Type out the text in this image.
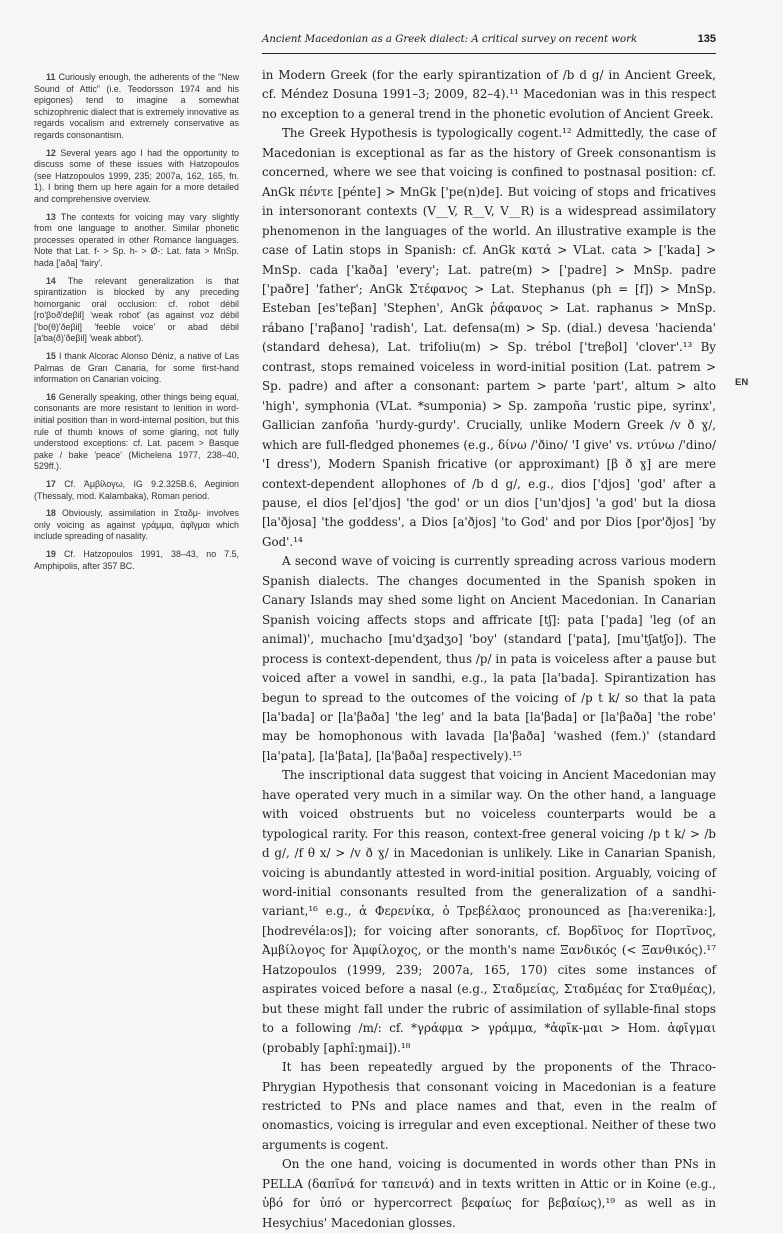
Ancient Macedonian as a Greek dialect: A critical survey on recent work	135

11 Curiously enough, the adherents of the “New Sound of Attic” (i.e. Teodorsson 1974 and his epigones) tend to imagine a somewhat schizophrenic dialect that is extremely innovative as regards vocalism and extremely conservative as regards consonantism.

12 Several years ago I had the opportunity to discuss some of these issues with Hatzopoulos (see Hatzopoulos 1999, 235; 2007a, 162, 165, fn. 1). I bring them up here again for a more detailed and comprehensive overview.

13 The contexts for voicing may vary slightly from one language to another. Similar phonetic processes operated in other Romance languages. Note that Lat. f- > Sp. h- > Ø-: Lat. fata > MnSp. hada ['aða] 'fairy'.

14 The relevant generalization is that spirantization is blocked by any preceding homorganic oral occlusion: cf. robot débil [ro'βoð'deβil] 'weak robot' (as against voz débil ['bo(θ)'ðeβil] 'feeble voice' or abad débil [a'ba(ð)'ðeβil] 'weak abbot').

15 I thank Alcorac Alonso Déniz, a native of Las Palmas de Gran Canaria, for some first-hand information on Canarian voicing.

16 Generally speaking, other things being equal, consonants are more resistant to lenition in word-initial position than in word-internal position, but this rule of thumb knows of some glaring, not fully understood exceptions: cf. Lat. pacem > Basque pake / bake 'peace' (Michelena 1977, 238–40, 529ff.).

17 Cf. Ἀμβίλογω, IG 9.2.325B.6, Aeginion (Thessaly, mod. Kalambaka), Roman period.

18 Obviously, assimilation in Σταδμ- involves only voicing as against γράμμα, ἀφῖγμαι which include spreading of nasality.

19 Cf. Hatzopoulos 1991, 38–43, no 7.5, Amphipolis, after 357 BC.

in Modern Greek (for the early spirantization of /b d g/ in Ancient Greek, cf. Méndez Dosuna 1991–3; 2009, 82–4).¹¹ Macedonian was in this respect no exception to a general trend in the phonetic evolution of Ancient Greek.

The Greek Hypothesis is typologically cogent.¹² Admittedly, the case of Macedonian is exceptional as far as the history of Greek consonantism is concerned, where we see that voicing is confined to postnasal position: cf. AnGk πέντε [pénte] > MnGk ['pe(n)de]. But voicing of stops and fricatives in intersonorant contexts (V__V, R__V, V__R) is a widespread assimilatory phenomenon in the languages of the world. An illustrative example is the case of Latin stops in Spanish: cf. AnGk κατά > VLat. cata > ['kada] > MnSp. cada ['kaða] 'every'; Lat. patre(m) > ['padre] > MnSp. padre ['paðre] 'father'; AnGk Στέφανος > Lat. Stephanus (ph = [f]) > MnSp. Esteban [es'teβan] 'Stephen', AnGk ῥάφανος > Lat. raphanus > MnSp. rábano ['raβano] 'radish', Lat. defensa(m) > Sp. (dial.) devesa 'hacienda' (standard dehesa), Lat. trifoliu(m) > Sp. trébol ['treβol] 'clover'.¹³ By contrast, stops remained voiceless in word-initial position (Lat. patrem > Sp. padre) and after a consonant: partem > parte 'part', altum > alto 'high', symphonia (VLat. *sumponia) > Sp. zampoña 'rustic pipe, syrinx', Gallician zanfoña 'hurdy-gurdy'. Crucially, unlike Modern Greek /v ð ɣ/, which are full-fledged phonemes (e.g., δίνω /'ðino/ 'I give' vs. ντύνω /'dino/ 'I dress'), Modern Spanish fricative (or approximant) [β ð ɣ] are mere context-dependent allophones of /b d g/, e.g., dios ['djos] 'god' after a pause, el dios [el'djos] 'the god' or un dios ['un'djos] 'a god' but la diosa [la'ðjosa] 'the goddess', a Dios [a'ðjos] 'to God' and por Dios [por'ðjos] 'by God'.¹⁴

A second wave of voicing is currently spreading across various modern Spanish dialects. The changes documented in the Spanish spoken in Canary Islands may shed some light on Ancient Macedonian. In Canarian Spanish voicing affects stops and affricate [tʃ]: pata ['pada] 'leg (of an animal)', muchacho [mu'dʒadʒo] 'boy' (standard ['pata], [mu'tʃatʃo]). The process is context-dependent, thus /p/ in pata is voiceless after a pause but voiced after a vowel in sandhi, e.g., la pata [la'bada]. Spirantization has begun to spread to the outcomes of the voicing of /p t k/ so that la pata [la'bada] or [la'βaða] 'the leg' and la bata [la'βada] or [la'βaða] 'the robe' may be homophonous with lavada [la'βaða] 'washed (fem.)' (standard [la'pata], [la'βata], [la'βaða] respectively).¹⁵

The inscriptional data suggest that voicing in Ancient Macedonian may have operated very much in a similar way. On the other hand, a language with voiced obstruents but no voiceless counterparts would be a typological rarity. For this reason, context-free general voicing /p t k/ > /b d g/, /f θ x/ > /v ð ɣ/ in Macedonian is unlikely. Like in Canarian Spanish, voicing is abundantly attested in word-initial position. Arguably, voicing of word-initial consonants resulted from the generalization of a sandhi-variant,¹⁶ e.g., ἁ Φερενίκα, ὁ Τρεβέλαος pronounced as [ha:verenika:], [hodrevéla:os]); for voicing after sonorants, cf. Βορδῖνος for Πορτῖνος, Ἀμβίλογος for Ἀμφίλοχος, or the month's name Ξανδικός (< Ξανθικός).¹⁷ Hatzopoulos (1999, 239; 2007a, 165, 170) cites some instances of aspirates voiced before a nasal (e.g., Σταδμείας, Σταδμέας for Σταθμέας), but these might fall under the rubric of assimilation of syllable-final stops to a following /m/: cf. *γράφμα > γράμμα, *ἀφῖκ-μαι > Hom. ἀφῖγμαι (probably [aphî:ŋmai]).¹⁸

It has been repeatedly argued by the proponents of the Thraco-Phrygian Hypothesis that consonant voicing in Macedonian is a feature restricted to PNs and place names and that, even in the realm of onomastics, voicing is irregular and even exceptional. Neither of these two arguments is cogent.

On the one hand, voicing is documented in words other than PNs in PELLA (δαπῖνά for ταπεινά) and in texts written in Attic or in Koine (e.g., ὑβό for ὑπό or hypercorrect βεφαίως for βεβαίως),¹⁹ as well as in Hesychius' Macedonian glosses.

EN
